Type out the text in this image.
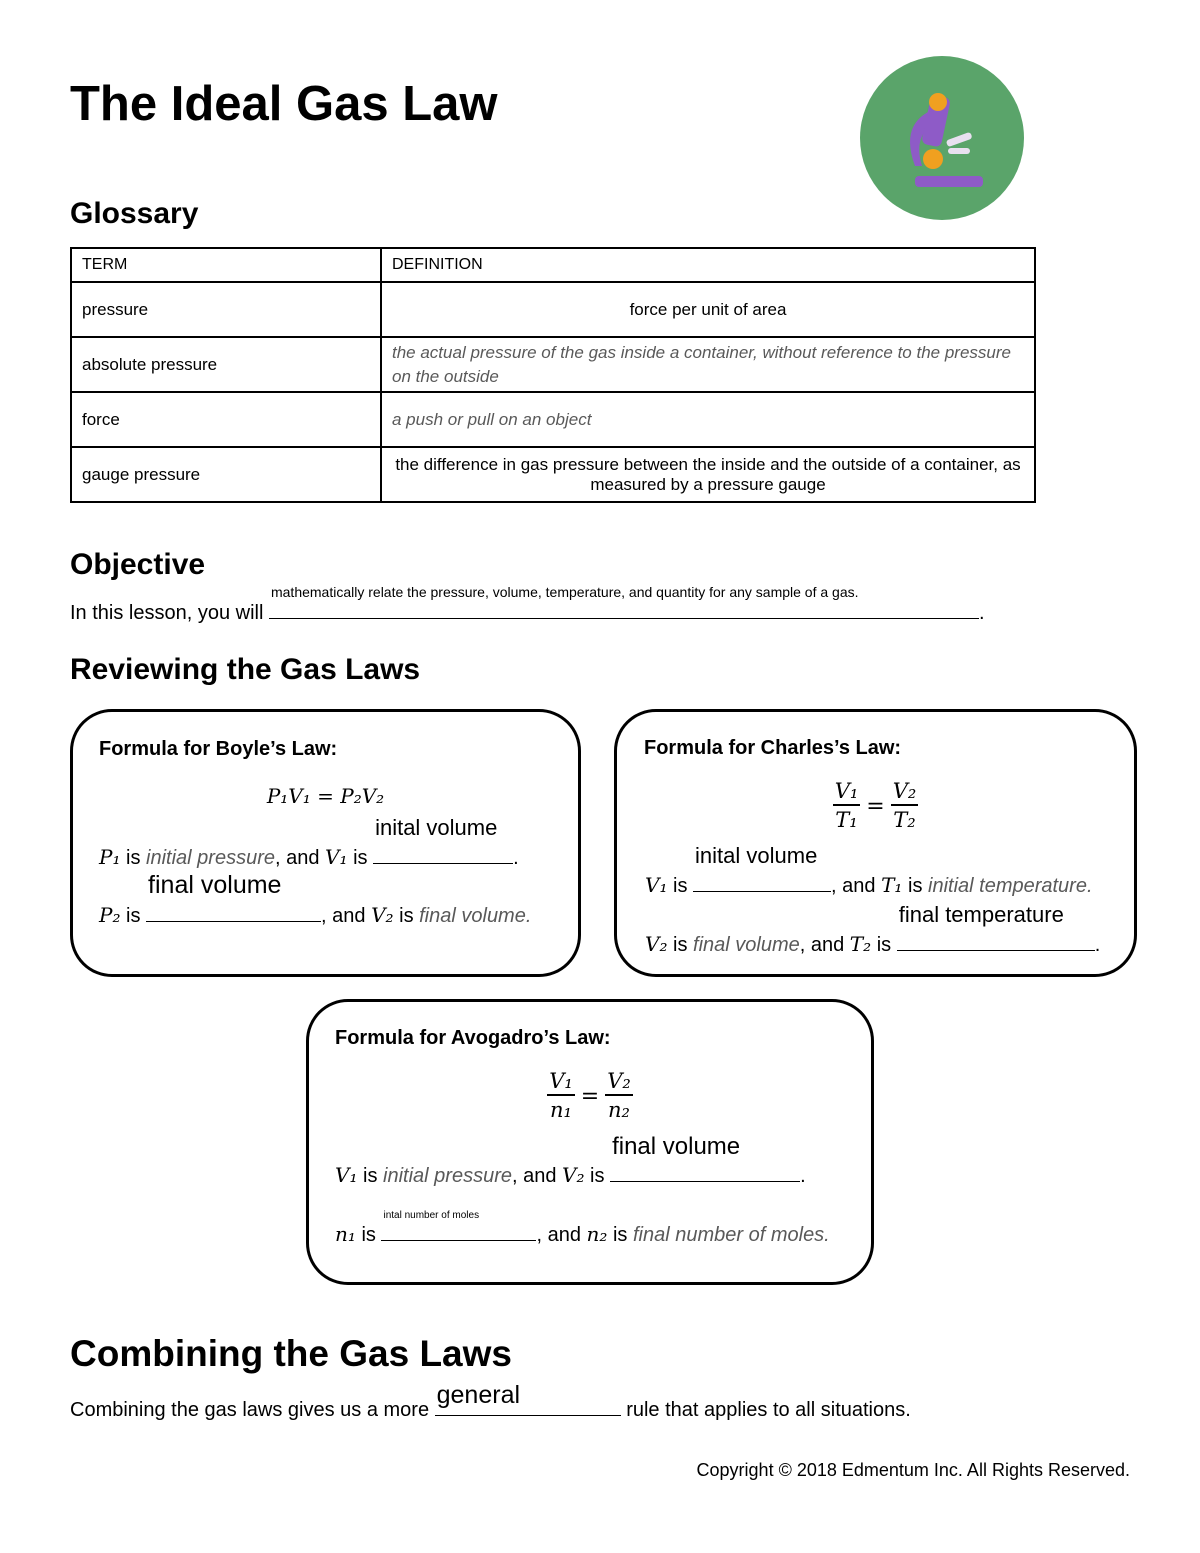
The Ideal Gas Law
Glossary
TERM	DEFINITION
pressure	force per unit of area
absolute pressure	the actual pressure of the gas inside a container, without reference to the pressure on the outside
force	a push or pull on an object
gauge pressure	the difference in gas pressure between the inside and the outside of a container, as measured by a pressure gauge
Objective
In this lesson, you will
mathematically relate the pressure, volume, temperature, and quantity for any sample of a gas.
.
Reviewing the Gas Laws
Formula for Boyle’s Law:
P₁V₁ = P₂V₂
P₁ is initial pressure, and V₁ is
inital volume
.
P₂ is
final volume
, and V₂ is final volume.
Formula for Charles’s Law:
$\frac{\text{V₁}}{\text{T₁}} = \frac{\text{V₂}}{\text{T₂}}$
V₁ is
inital volume
, and T₁ is initial temperature.
V₂ is final volume, and T₂ is
final temperature
.
Formula for Avogadro’s Law:
$\frac{\text{V₁}}{\text{n₁}} = \frac{\text{V₂}}{\text{n₂}}$
V₁ is initial pressure, and V₂ is
final volume
.
n₁ is
intal number of moles
, and n₂ is final number of moles.
Combining the Gas Laws
Combining the gas laws gives us a more
general
rule that applies to all situations.
Copyright © 2018 Edmentum Inc. All Rights Reserved.
